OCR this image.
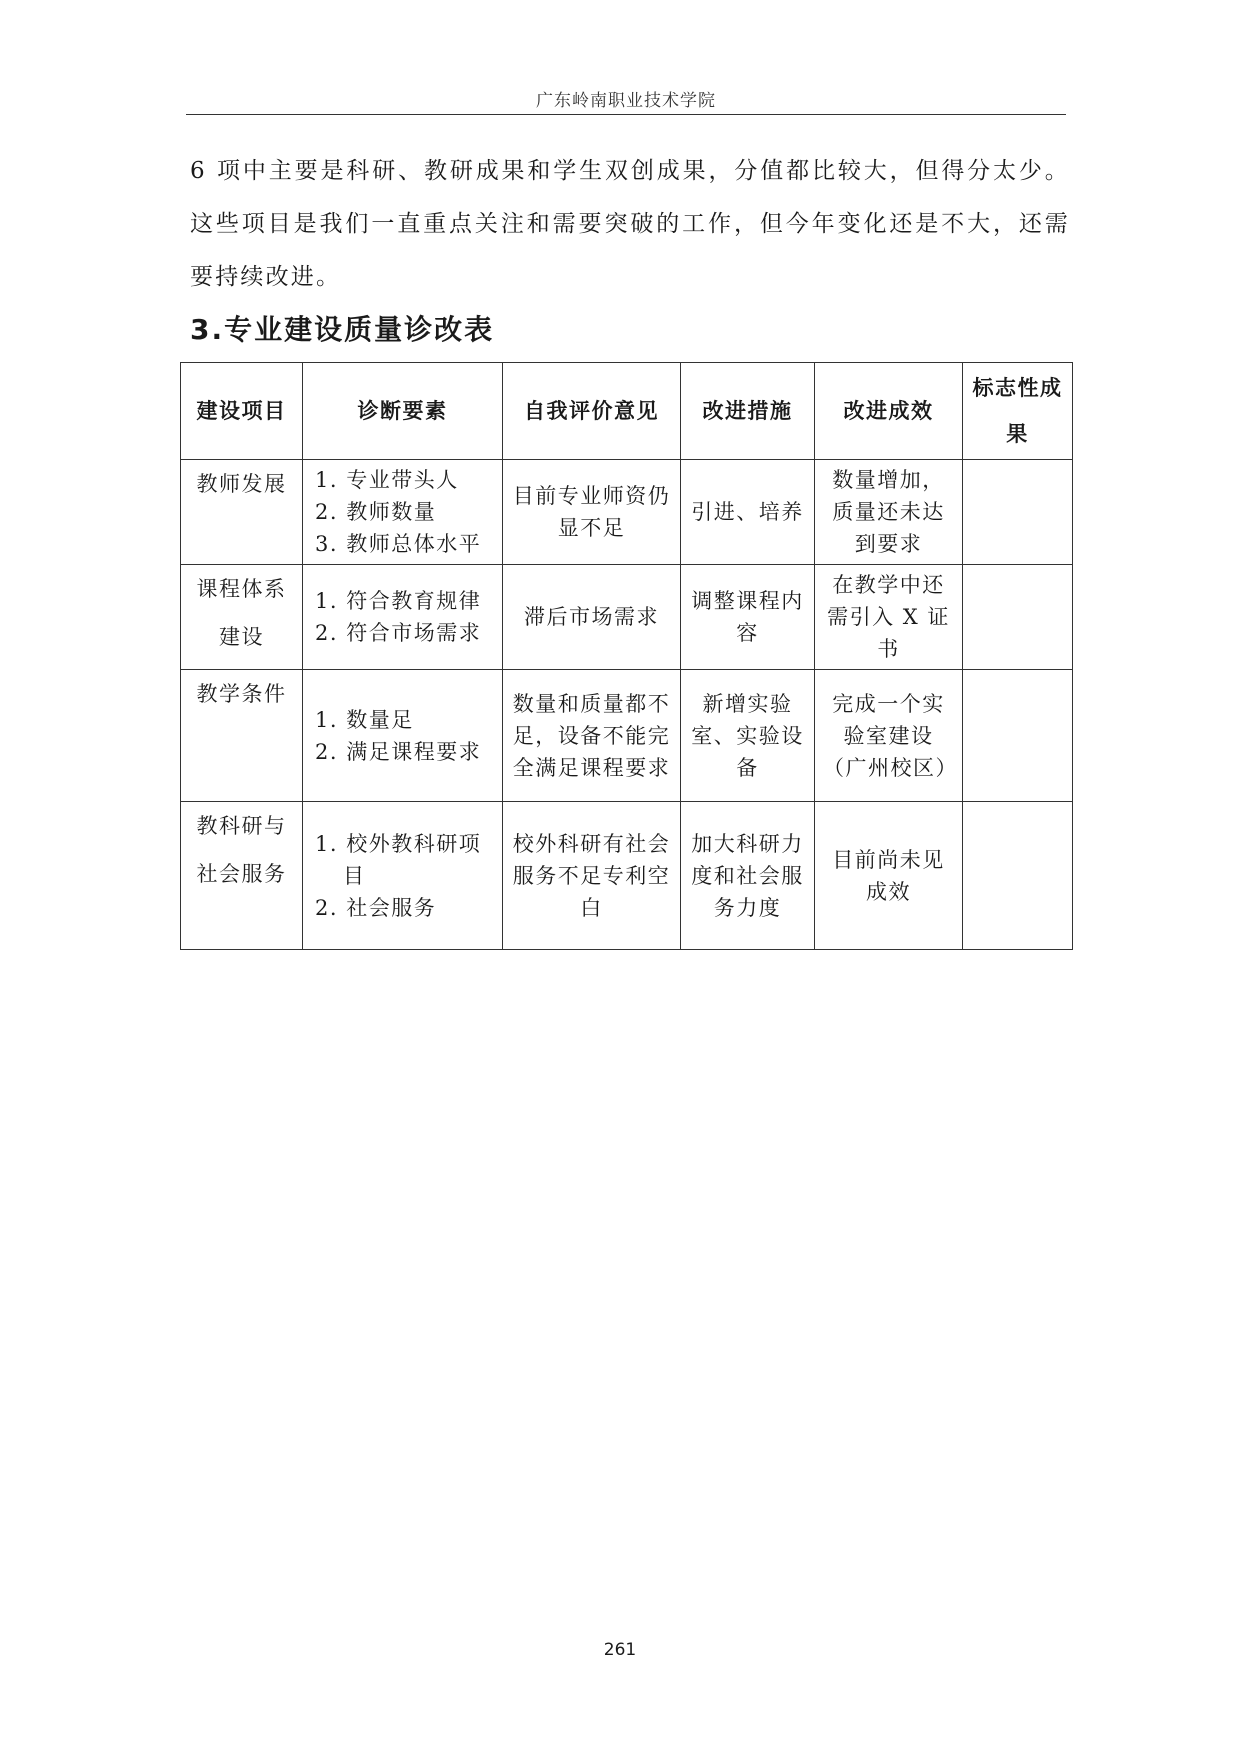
广东岭南职业技术学院

6 项中主要是科研、教研成果和学生双创成果，分值都比较大，但得分太少。这些项目是我们一直重点关注和需要突破的工作，但今年变化还是不大，还需要持续改进。

3.专业建设质量诊改表
建设项目	诊断要素	自我评价意见	改进措施	改进成效	标志性成果
教师发展	1. 专业带头人
2. 教师数量
3. 教师总体水平	目前专业师资仍显不足	引进、培养	数量增加，质量还未达到要求	
课程体系建设	1. 符合教育规律
2. 符合市场需求	滞后市场需求	调整课程内容	在教学中还需引入 X 证书	
教学条件	1. 数量足
2. 满足课程要求	数量和质量都不足，设备不能完全满足课程要求	新增实验室、实验设备	完成一个实验室建设（广州校区）	
教科研与社会服务	1. 校外教科研项目
2. 社会服务	校外科研有社会服务不足专利空白	加大科研力度和社会服务力度	目前尚未见成效	
261
